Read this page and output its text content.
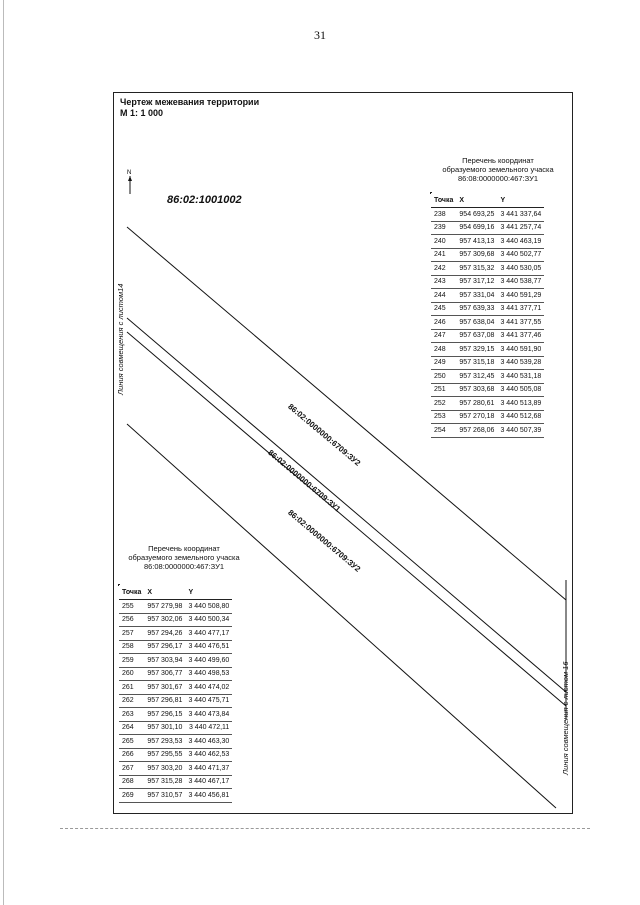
31
Чертеж межевания территории
М 1: 1 000
N
86:02:1001002
86:02:0000000:6709:ЗУ2
86:02:0000000:6709:ЗУ1
86:02:0000000:6709:ЗУ2
Линия совмещения с листом14
Линия совмещения с листом 16
Перечень координат
образуемого земельного учаска
86:08:0000000:467:ЗУ1
Точка	X	Y
238	954 693,25	3 441 337,64
239	954 699,16	3 441 257,74
240	957 413,13	3 440 463,19
241	957 309,68	3 440 502,77
242	957 315,32	3 440 530,05
243	957 317,12	3 440 538,77
244	957 331,04	3 440 591,29
245	957 639,33	3 441 377,71
246	957 638,04	3 441 377,55
247	957 637,08	3 441 377,46
248	957 329,15	3 440 591,90
249	957 315,18	3 440 539,28
250	957 312,45	3 440 531,18
251	957 303,68	3 440 505,08
252	957 280,61	3 440 513,89
253	957 270,18	3 440 512,68
254	957 268,06	3 440 507,39
Перечень координат
образуемого земельного учаска
86:08:0000000:467:ЗУ1
Точка	X	Y
255	957 279,98	3 440 508,80
256	957 302,06	3 440 500,34
257	957 294,26	3 440 477,17
258	957 296,17	3 440 476,51
259	957 303,94	3 440 499,60
260	957 306,77	3 440 498,53
261	957 301,67	3 440 474,02
262	957 296,81	3 440 475,71
263	957 296,15	3 440 473,84
264	957 301,10	3 440 472,11
265	957 293,53	3 440 463,30
266	957 295,55	3 440 462,53
267	957 303,20	3 440 471,37
268	957 315,28	3 440 467,17
269	957 310,57	3 440 456,81
